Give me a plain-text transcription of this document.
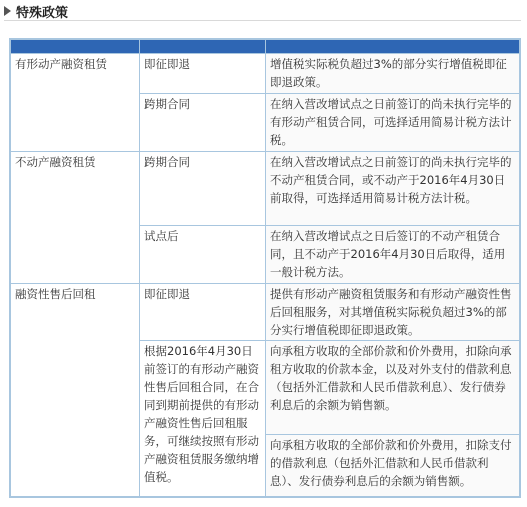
特殊政策

有形动产融资租赁	即征即退	增值税实际税负超过3%的部分实行增值税即征即退政策。
	跨期合同	在纳入营改增试点之日前签订的尚未执行完毕的有形动产租赁合同，可选择适用简易计税方法计税。
不动产融资租赁	跨期合同	在纳入营改增试点之日前签订的尚未执行完毕的不动产租赁合同，或不动产于2016年4月30日前取得，可选择适用简易计税方法计税。
	试点后	在纳入营改增试点之日后签订的不动产租赁合同，且不动产于2016年4月30日后取得，适用一般计税方法。
融资性售后回租	即征即退	提供有形动产融资租赁服务和有形动产融资性售后回租服务，对其增值税实际税负超过3%的部分实行增值税即征即退政策。
	根据2016年4月30日前签订的有形动产融资性售后回租合同，在合同到期前提供的有形动产融资性售后回租服务，可继续按照有形动产融资租赁服务缴纳增值税。	向承租方收取的全部价款和价外费用，扣除向承租方收取的价款本金，以及对外支付的借款利息（包括外汇借款和人民币借款利息）、发行债券利息后的余额为销售额。
		向承租方收取的全部价款和价外费用，扣除支付的借款利息（包括外汇借款和人民币借款利息）、发行债券利息后的余额为销售额。
